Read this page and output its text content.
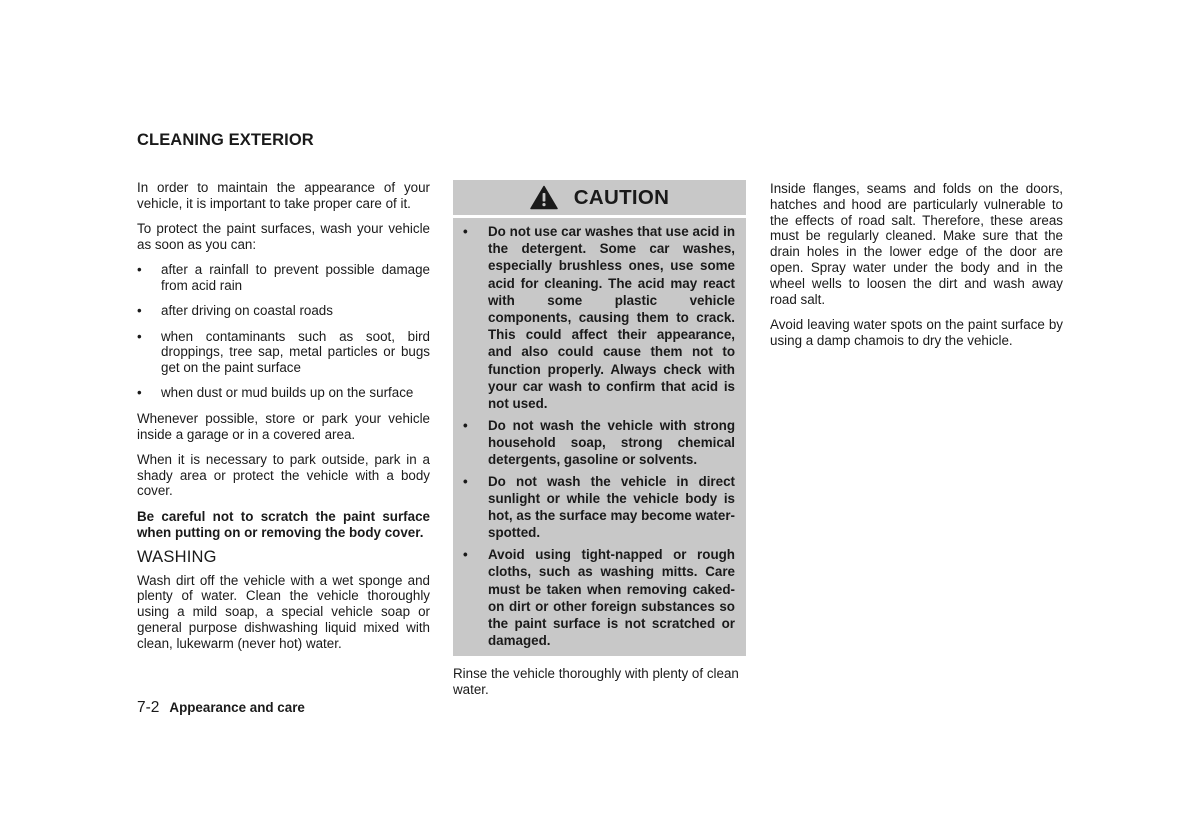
CLEANING EXTERIOR

In order to maintain the appearance of your vehicle, it is important to take proper care of it.

To protect the paint surfaces, wash your vehicle as soon as you can:

• after a rainfall to prevent possible damage from acid rain
• after driving on coastal roads
• when contaminants such as soot, bird droppings, tree sap, metal particles or bugs get on the paint surface
• when dust or mud builds up on the surface

Whenever possible, store or park your vehicle inside a garage or in a covered area.

When it is necessary to park outside, park in a shady area or protect the vehicle with a body cover.

Be careful not to scratch the paint surface when putting on or removing the body cover.

WASHING

Wash dirt off the vehicle with a wet sponge and plenty of water. Clean the vehicle thoroughly using a mild soap, a special vehicle soap or general purpose dishwashing liquid mixed with clean, lukewarm (never hot) water.

CAUTION
• Do not use car washes that use acid in the detergent. Some car washes, especially brushless ones, use some acid for cleaning. The acid may react with some plastic vehicle components, causing them to crack. This could affect their appearance, and also could cause them not to function properly. Always check with your car wash to confirm that acid is not used.
• Do not wash the vehicle with strong household soap, strong chemical detergents, gasoline or solvents.
• Do not wash the vehicle in direct sunlight or while the vehicle body is hot, as the surface may become water-spotted.
• Avoid using tight-napped or rough cloths, such as washing mitts. Care must be taken when removing caked-on dirt or other foreign substances so the paint surface is not scratched or damaged.
Rinse the vehicle thoroughly with plenty of clean water.

Inside flanges, seams and folds on the doors, hatches and hood are particularly vulnerable to the effects of road salt. Therefore, these areas must be regularly cleaned. Make sure that the drain holes in the lower edge of the door are open. Spray water under the body and in the wheel wells to loosen the dirt and wash away road salt.

Avoid leaving water spots on the paint surface by using a damp chamois to dry the vehicle.

7-2 Appearance and care
